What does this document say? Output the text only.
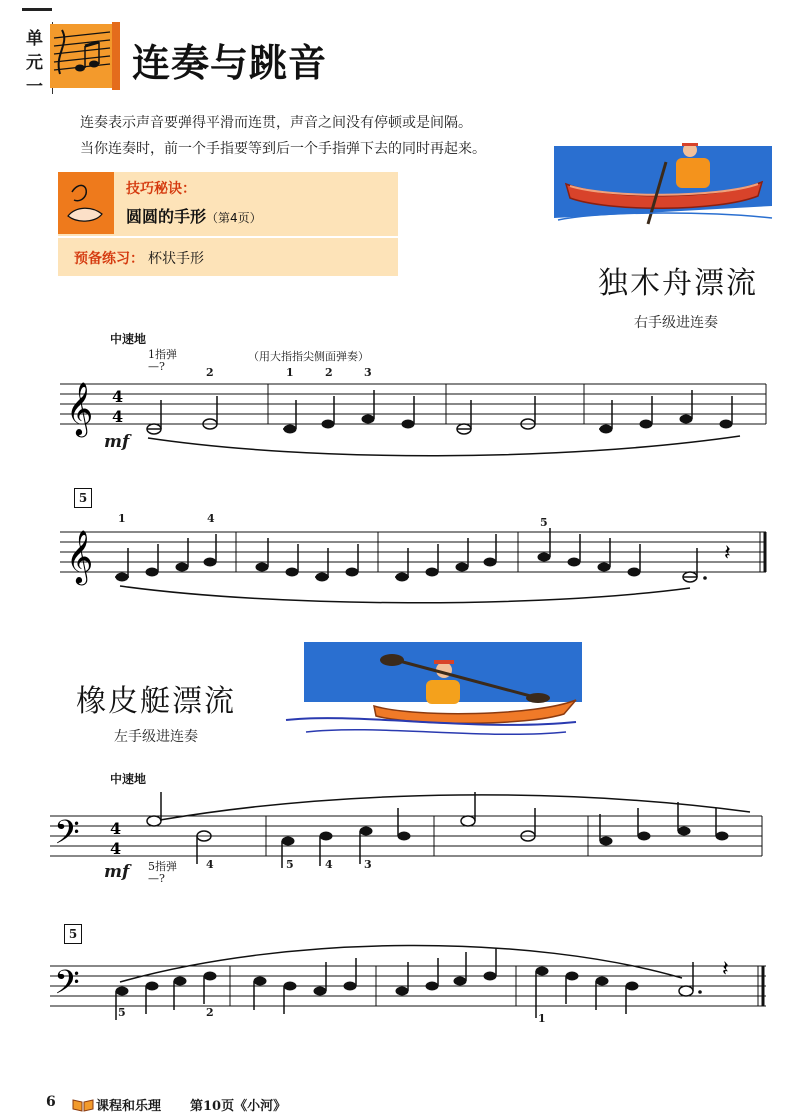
单
元
一
连奏与跳音
连奏表示声音要弹得平滑而连贯，声音之间没有停顿或是间隔。
当你连奏时，前一个手指要等到后一个手指弹下去的同时再起来。
技巧秘诀：
圆圆的手形（第4页）
预备练习： 杯状手形
独木舟漂流
右手级进连奏
中速地
1指弹
—?
（用大指指尖侧面弹奏）
2	1	2	3
𝄞 4
4
mf
5
1	4	5
𝄞	𝄽
橡皮艇漂流
左手级进连奏
中速地
𝄢 4
4
mf 5指弹
—?
4	5	4	3
5
𝄢	𝄽
5	2	1
6	课程和乐理 第10页《小河》
